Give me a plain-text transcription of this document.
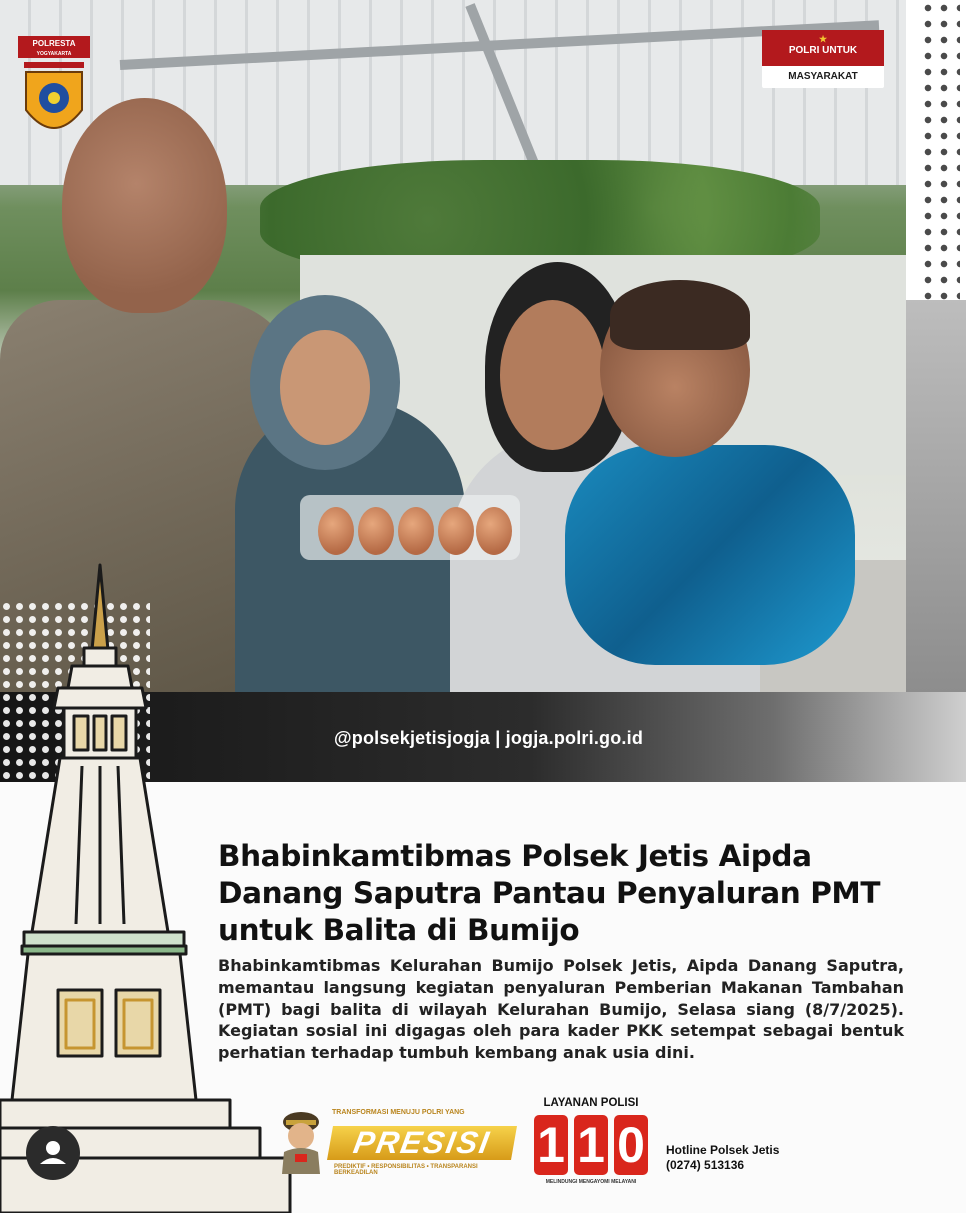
POLRESTA
YOGYAKARTA
★
POLRI UNTUK
MASYARAKAT
@polsekjetisjogja | jogja.polri.go.id
Bhabinkamtibmas Polsek Jetis Aipda Danang Saputra Pantau Penyaluran PMT untuk Balita di Bumijo

Bhabinkamtibmas Kelurahan Bumijo Polsek Jetis, Aipda Danang Saputra, memantau langsung kegiatan penyaluran Pemberian Makanan Tambahan (PMT) bagi balita di wilayah Kelurahan Bumijo, Selasa siang (8/7/2025). Kegiatan sosial ini digagas oleh para kader PKK setempat sebagai bentuk perhatian terhadap tumbuh kembang anak usia dini.

TRANSFORMASI MENUJU POLRI YANG
PRESISI
PREDIKTIF • RESPONSIBILITAS • TRANSPARANSI BERKEADILAN
LAYANAN POLISI
1 1 0
MELINDUNGI MENGAYOMI MELAYANI
Hotline Polsek Jetis
(0274) 513136
